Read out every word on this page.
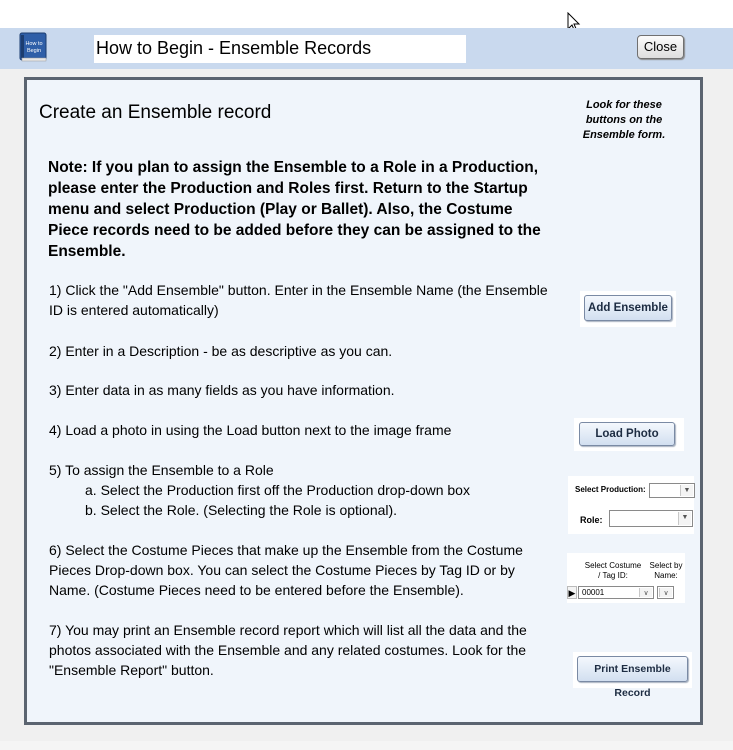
How to
Begin	How to Begin - Ensemble Records	Close
Create an Ensemble record
Note: If you plan to assign the Ensemble to a Role in a Production, please enter the Production and Roles first. Return to the Startup menu and select Production (Play or Ballet). Also, the Costume Piece records need to be added before they can be assigned to the Ensemble.
Look for these buttons on the Ensemble form.
1) Click the "Add Ensemble" button. Enter in the Ensemble Name (the Ensemble ID is entered automatically)
2) Enter in a Description - be as descriptive as you can.
3) Enter data in as many fields as you have information.
4) Load a photo in using the Load button next to the image frame
5) To assign the Ensemble to a Role
a. Select the Production first off the Production drop-down box
b. Select the Role. (Selecting the Role is optional).
6) Select the Costume Pieces that make up the Ensemble from the Costume Pieces Drop-down box. You can select the Costume Pieces by Tag ID or by Name. (Costume Pieces need to be entered before the Ensemble).
7) You may print an Ensemble record report which will list all the data and the photos associated with the Ensemble and any related costumes. Look for the "Ensemble Report" button.
Add Ensemble
Load Photo
Select Production:	▼
Role:	▼
Select Costume
/ Tag ID:
Select by
Name:
▶ 00001	∨	∨
Print Ensemble Record
